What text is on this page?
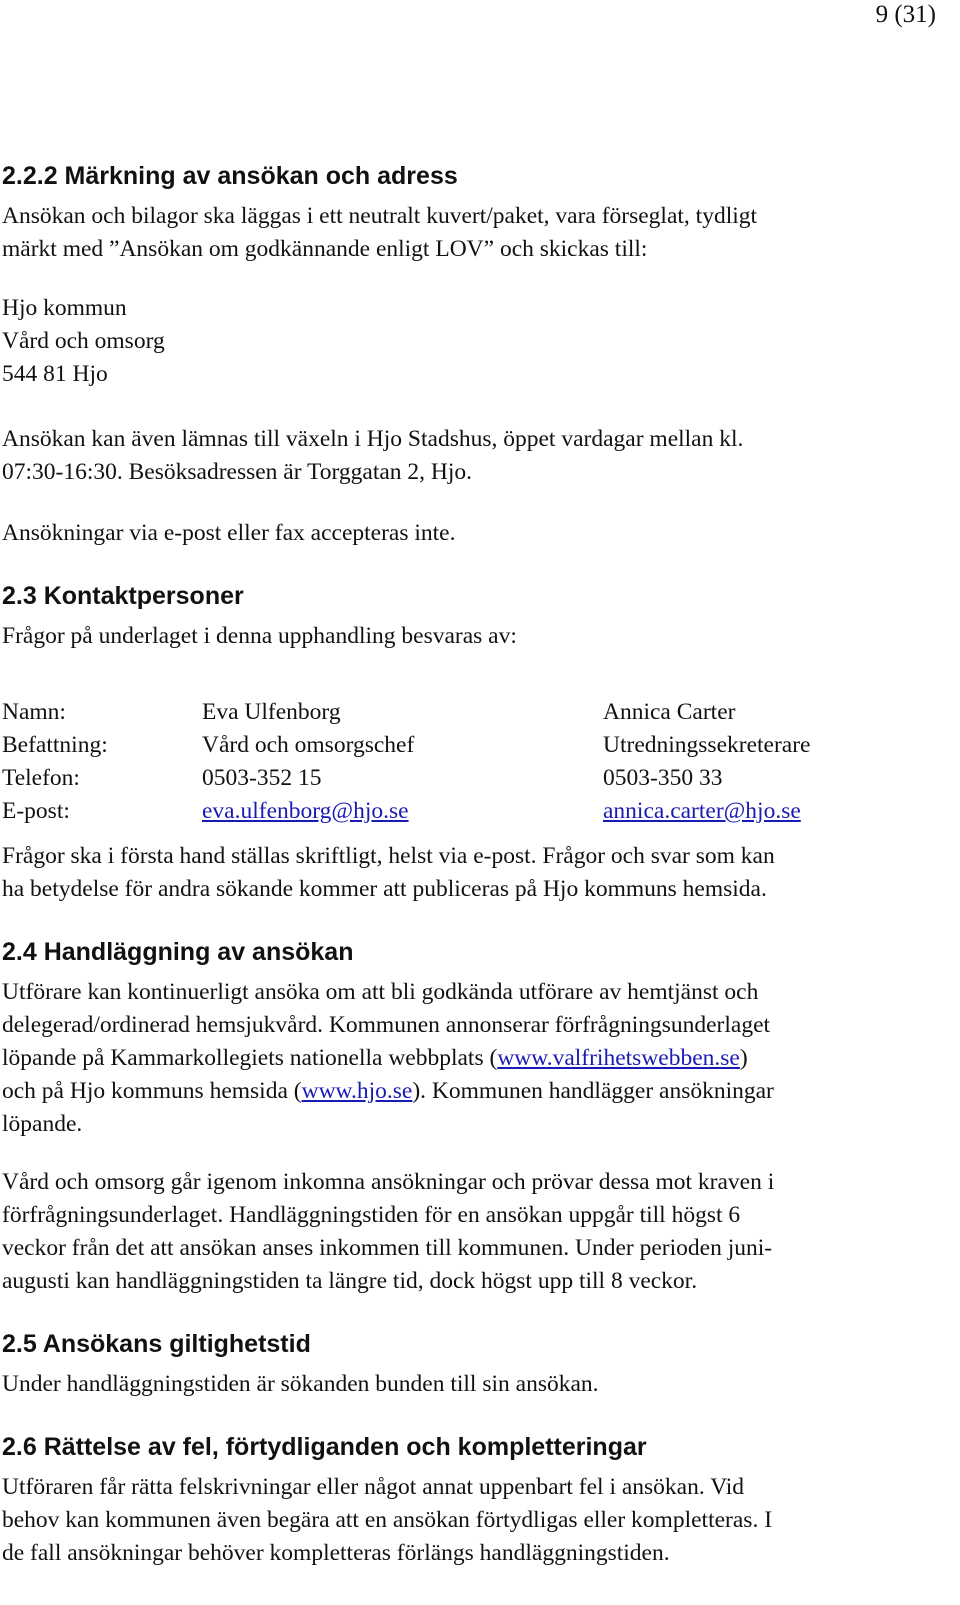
9 (31)
2.2.2 Märkning av ansökan och adress

Ansökan och bilagor ska läggas i ett neutralt kuvert/paket, vara förseglat, tydligt
märkt med ”Ansökan om godkännande enligt LOV” och skickas till:

Hjo kommun
Vård och omsorg
544 81 Hjo

Ansökan kan även lämnas till växeln i Hjo Stadshus, öppet vardagar mellan kl.
07:30-16:30. Besöksadressen är Torggatan 2, Hjo.

Ansökningar via e-post eller fax accepteras inte.

2.3 Kontaktpersoner

Frågor på underlaget i denna upphandling besvaras av:

Namn:	Eva Ulfenborg	Annica Carter
Befattning:	Vård och omsorgschef	Utredningssekreterare
Telefon:	0503-352 15	0503-350 33
E-post:	eva.ulfenborg@hjo.se	annica.carter@hjo.se

Frågor ska i första hand ställas skriftligt, helst via e-post. Frågor och svar som kan
ha betydelse för andra sökande kommer att publiceras på Hjo kommuns hemsida.

2.4 Handläggning av ansökan

Utförare kan kontinuerligt ansöka om att bli godkända utförare av hemtjänst och
delegerad/ordinerad hemsjukvård. Kommunen annonserar förfrågningsunderlaget
löpande på Kammarkollegiets nationella webbplats (www.valfrihetswebben.se)
och på Hjo kommuns hemsida (www.hjo.se). Kommunen handlägger ansökningar
löpande.

Vård och omsorg går igenom inkomna ansökningar och prövar dessa mot kraven i
förfrågningsunderlaget. Handläggningstiden för en ansökan uppgår till högst 6
veckor från det att ansökan anses inkommen till kommunen. Under perioden juni-
augusti kan handläggningstiden ta längre tid, dock högst upp till 8 veckor.

2.5 Ansökans giltighetstid

Under handläggningstiden är sökanden bunden till sin ansökan.

2.6 Rättelse av fel, förtydliganden och kompletteringar

Utföraren får rätta felskrivningar eller något annat uppenbart fel i ansökan. Vid
behov kan kommunen även begära att en ansökan förtydligas eller kompletteras. I
de fall ansökningar behöver kompletteras förlängs handläggningstiden.
